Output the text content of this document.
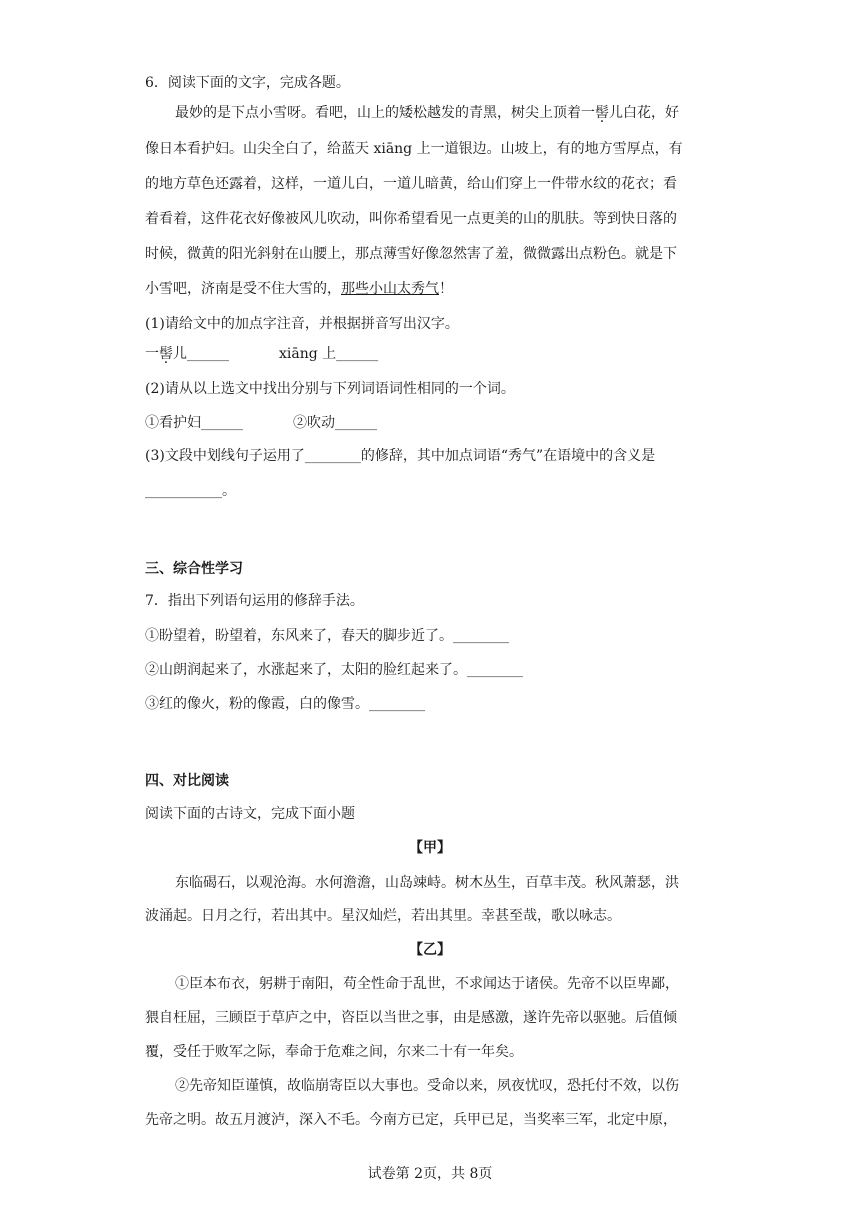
6．阅读下面的文字，完成各题。
最妙的是下点小雪呀。看吧，山上的矮松越发的青黑，树尖上顶着一髻儿白花，好
像日本看护妇。山尖全白了，给蓝天 xiāng 上一道银边。山坡上，有的地方雪厚点，有
的地方草色还露着，这样，一道儿白，一道儿暗黄，给山们穿上一件带水纹的花衣；看
着看着，这件花衣好像被风儿吹动，叫你希望看见一点更美的山的肌肤。等到快日落的
时候，微黄的阳光斜射在山腰上，那点薄雪好像忽然害了羞，微微露出点粉色。就是下
小雪吧，济南是受不住大雪的，那些小山太秀气！
(1)请给文中的加点字注音，并根据拼音写出汉字。
一髻儿______	xiāng 上______
(2)请从以上选文中找出分别与下列词语词性相同的一个词。
①看护妇______	②吹动______
(3)文段中划线句子运用了________的修辞，其中加点词语“秀气”在语境中的含义是
___________。
三、综合性学习
7．指出下列语句运用的修辞手法。
①盼望着，盼望着，东风来了，春天的脚步近了。________
②山朗润起来了，水涨起来了，太阳的脸红起来了。________
③红的像火，粉的像霞，白的像雪。________
四、对比阅读
阅读下面的古诗文，完成下面小题
【甲】
东临碣石，以观沧海。水何澹澹，山岛竦峙。树木丛生，百草丰茂。秋风萧瑟，洪
波涌起。日月之行，若出其中。星汉灿烂，若出其里。幸甚至哉，歌以咏志。
【乙】
①臣本布衣，躬耕于南阳，苟全性命于乱世，不求闻达于诸侯。先帝不以臣卑鄙，
猥自枉屈，三顾臣于草庐之中，咨臣以当世之事，由是感激，遂许先帝以驱驰。后值倾
覆，受任于败军之际，奉命于危难之间，尔来二十有一年矣。
②先帝知臣谨慎，故临崩寄臣以大事也。受命以来，夙夜忧叹，恐托付不效，以伤
先帝之明。故五月渡泸，深入不毛。今南方已定，兵甲已足，当奖率三军，北定中原，
试卷第 2页，共 8页
